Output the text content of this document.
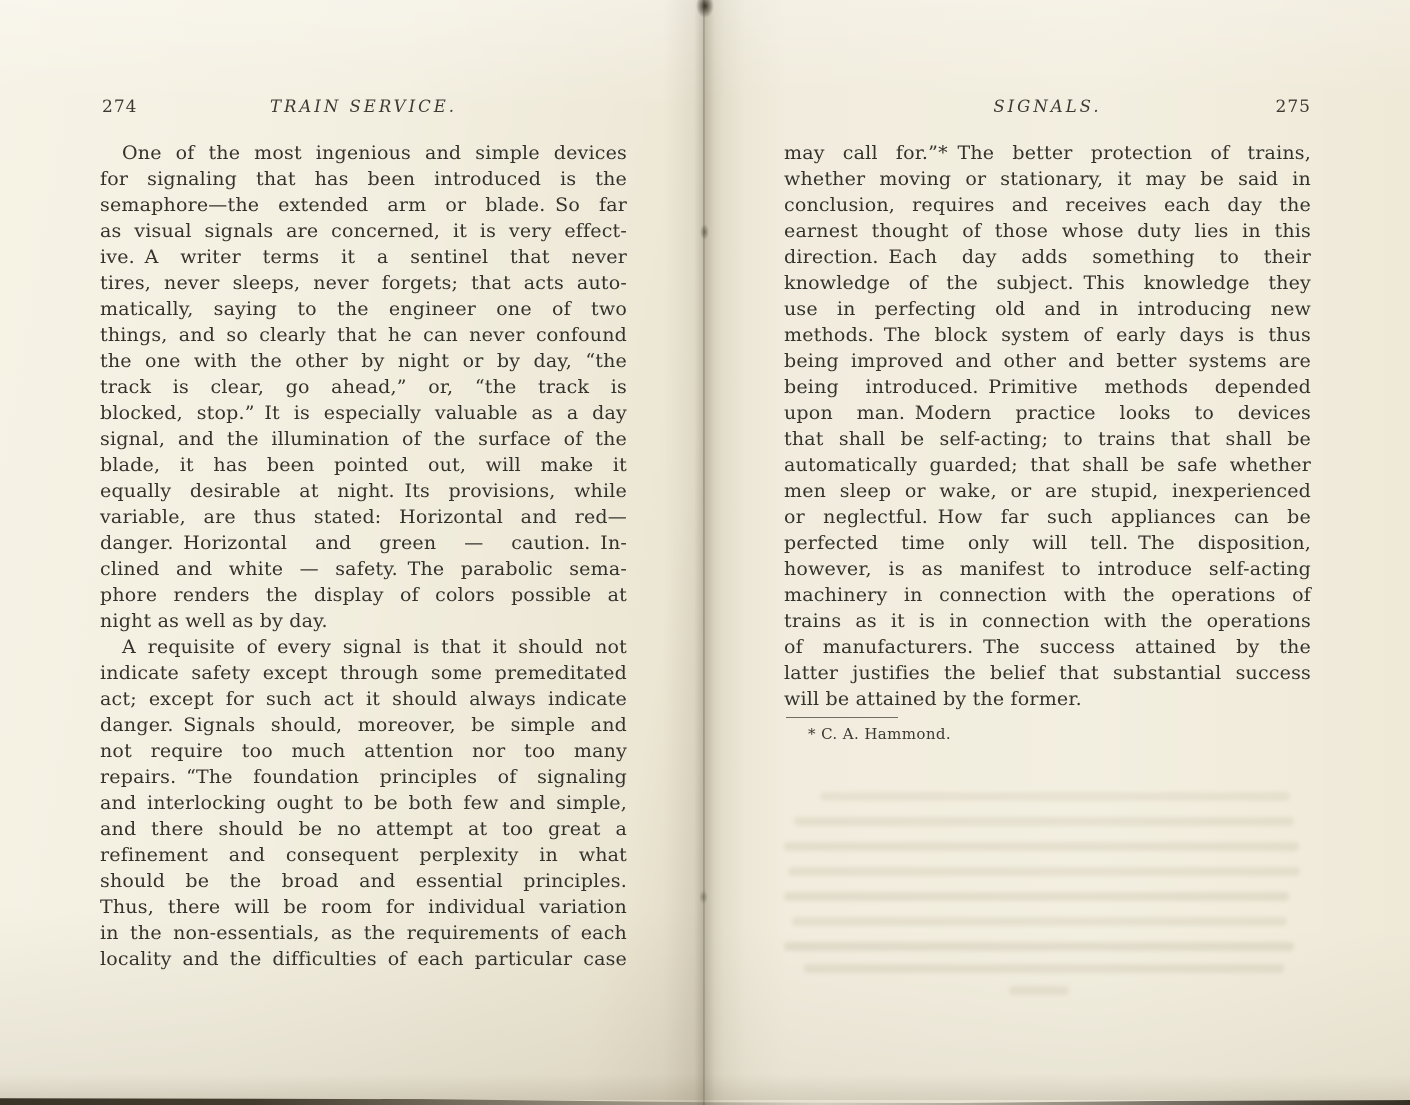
274	TRAIN SERVICE.
One of the most ingenious and simple devices
for signaling that has been introduced is the
semaphore—the extended arm or blade. So far
as visual signals are concerned, it is very effect-
ive. A writer terms it a sentinel that never
tires, never sleeps, never forgets; that acts auto-
matically, saying to the engineer one of two
things, and so clearly that he can never confound
the one with the other by night or by day, “the
track is clear, go ahead,” or, “the track is
blocked, stop.” It is especially valuable as a day
signal, and the illumination of the surface of the
blade, it has been pointed out, will make it
equally desirable at night. Its provisions, while
variable, are thus stated: Horizontal and red—
danger. Horizontal and green — caution. In-
clined and white — safety. The parabolic sema-
phore renders the display of colors possible at
night as well as by day.
A requisite of every signal is that it should not
indicate safety except through some premeditated
act; except for such act it should always indicate
danger. Signals should, moreover, be simple and
not require too much attention nor too many
repairs. “The foundation principles of signaling
and interlocking ought to be both few and simple,
and there should be no attempt at too great a
refinement and consequent perplexity in what
should be the broad and essential principles.
Thus, there will be room for individual variation
in the non-essentials, as the requirements of each
locality and the difficulties of each particular case
SIGNALS.	275
may call for.”* The better protection of trains,
whether moving or stationary, it may be said in
conclusion, requires and receives each day the
earnest thought of those whose duty lies in this
direction. Each day adds something to their
knowledge of the subject. This knowledge they
use in perfecting old and in introducing new
methods. The block system of early days is thus
being improved and other and better systems are
being introduced. Primitive methods depended
upon man. Modern practice looks to devices
that shall be self-acting; to trains that shall be
automatically guarded; that shall be safe whether
men sleep or wake, or are stupid, inexperienced
or neglectful. How far such appliances can be
perfected time only will tell. The disposition,
however, is as manifest to introduce self-acting
machinery in connection with the operations of
trains as it is in connection with the operations
of manufacturers. The success attained by the
latter justifies the belief that substantial success
will be attained by the former.
* C. A. Hammond.
